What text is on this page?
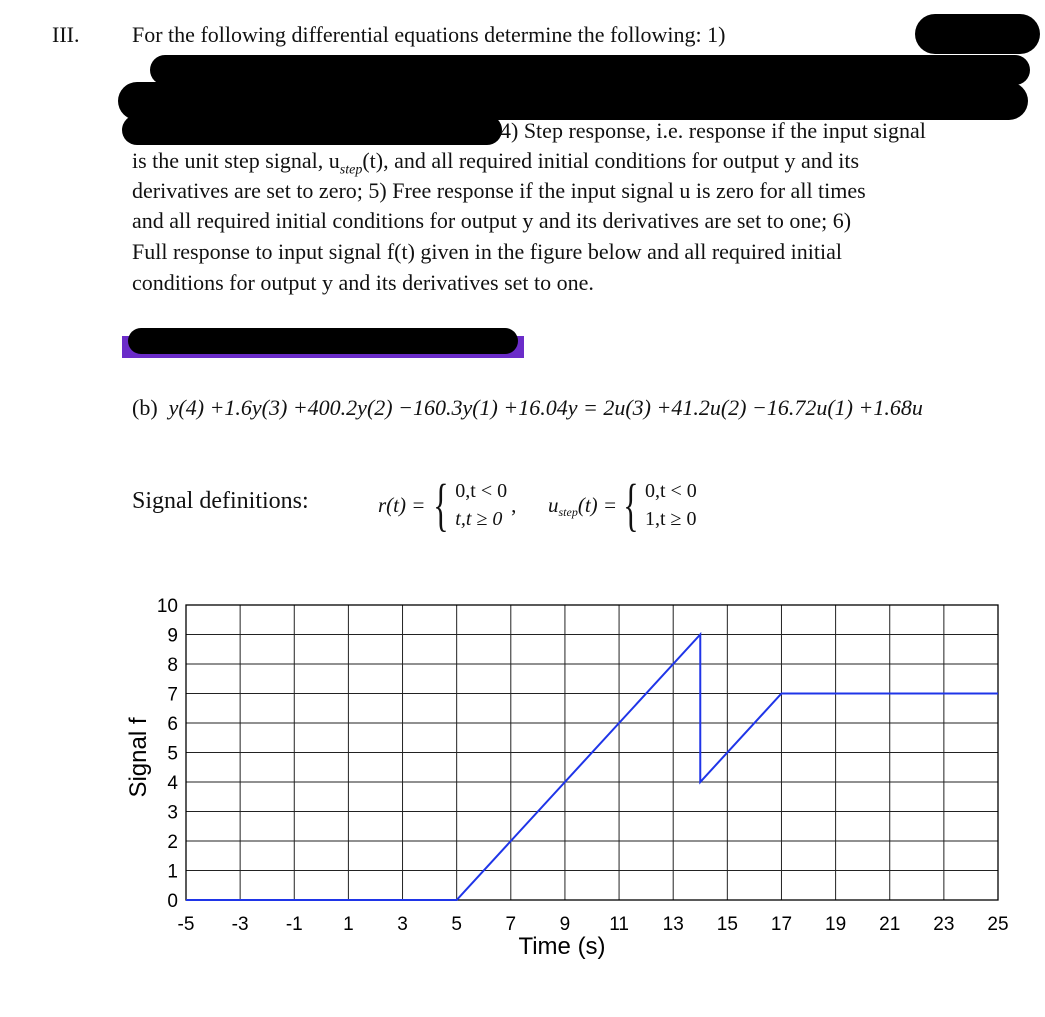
III. For the following differential equations determine the following: 1)
4) Step response, i.e. response if the input signal
is the unit step signal, $u_{step}(t)$, and all required initial conditions for output y and its
derivatives are set to zero; 5) Free response if the input signal u is zero for all times
and all required initial conditions for output y and its derivatives are set to one; 6)
Full response to input signal f(t) given in the figure below and all required initial
conditions for output y and its derivatives set to one.
(b) y(4) +1.6y(3) +400.2y(2) −160.3y(1) +16.04y = 2u(3) +41.2u(2) −16.72u(1) +1.68u
Signal definitions:	r(t) = { 0,t < 0
t,t ≥ 0
, $u_{step}$ (t) = { 0,t < 0
1,t ≥ 0
-5 -3 -1 1 3 5 7 9 11 13 15 17 19 21 23 25
0
1
2
3
4
5
6
7
8
9
10
Time (s)
Signal f
